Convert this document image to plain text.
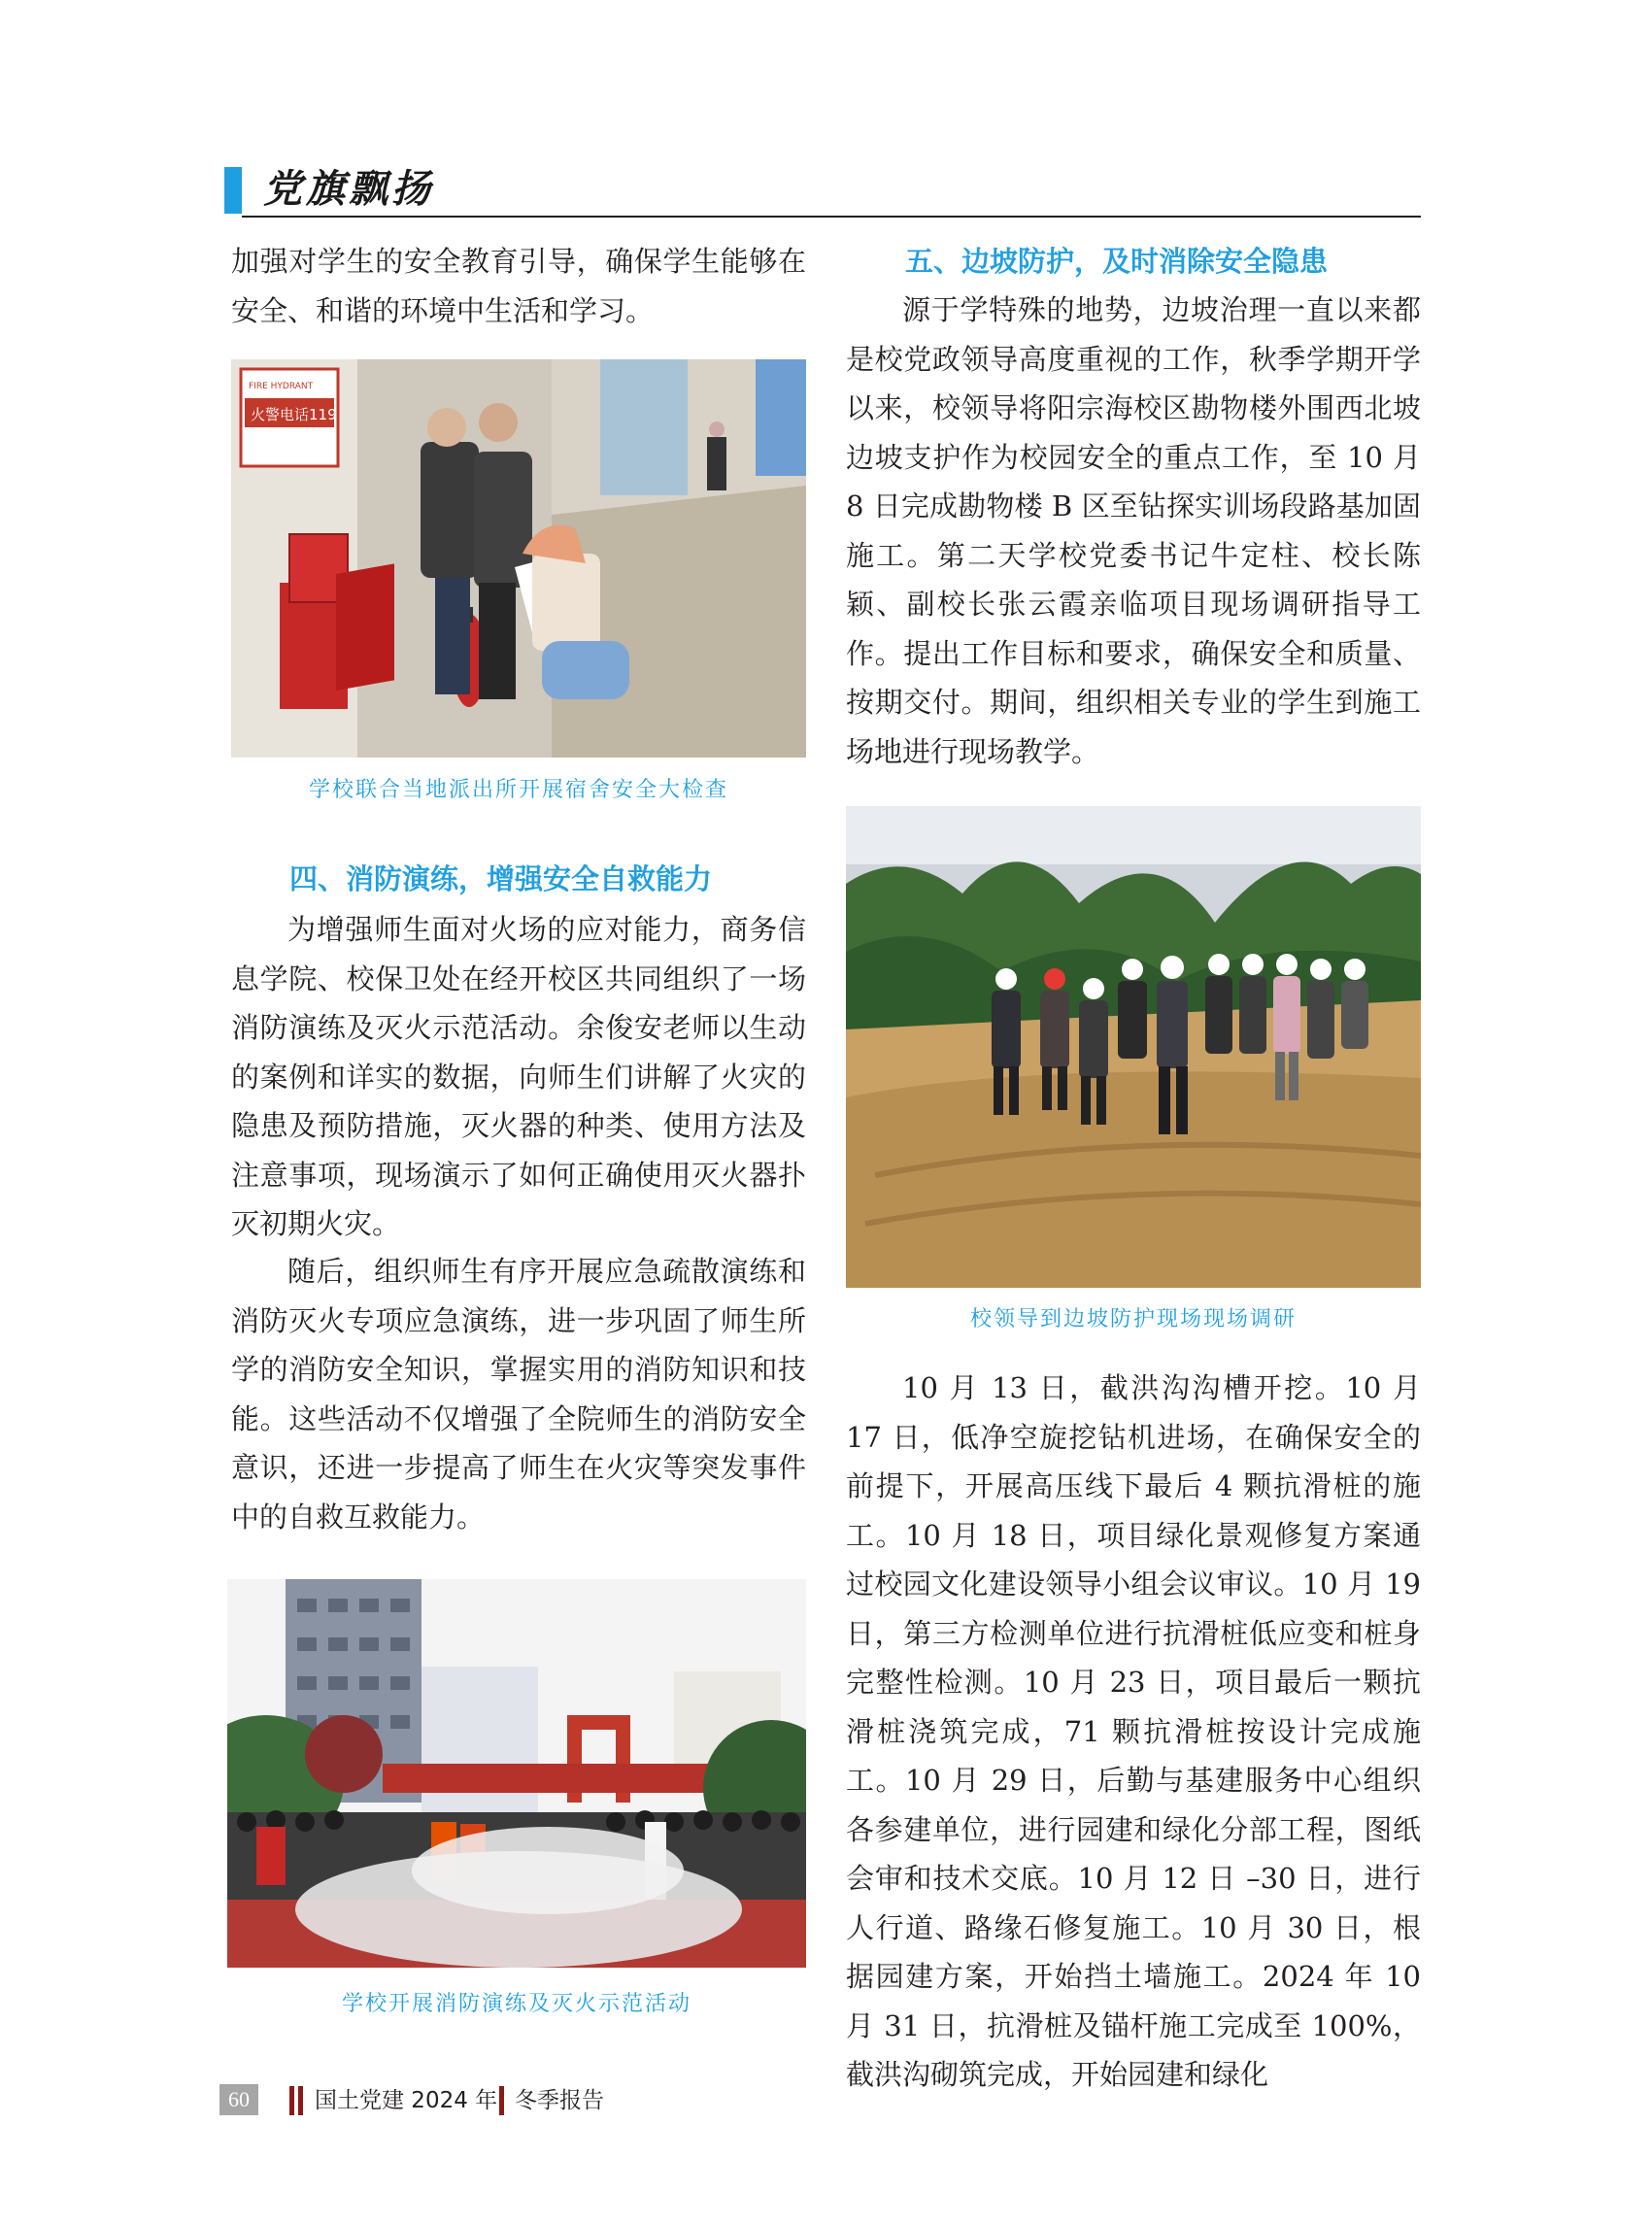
党旗飘扬

加强对学生的安全教育引导，确保学生能够在安全、和谐的环境中生活和学习。

FIRE HYDRANT
火警电话119

学校联合当地派出所开展宿舍安全大检查

四、消防演练，增强安全自救能力

为增强师生面对火场的应对能力，商务信息学院、校保卫处在经开校区共同组织了一场消防演练及灭火示范活动。余俊安老师以生动的案例和详实的数据，向师生们讲解了火灾的隐患及预防措施，灭火器的种类、使用方法及注意事项，现场演示了如何正确使用灭火器扑灭初期火灾。

随后，组织师生有序开展应急疏散演练和消防灭火专项应急演练，进一步巩固了师生所学的消防安全知识，掌握实用的消防知识和技能。这些活动不仅增强了全院师生的消防安全意识，还进一步提高了师生在火灾等突发事件中的自救互救能力。

学校开展消防演练及灭火示范活动

五、边坡防护，及时消除安全隐患

源于学特殊的地势，边坡治理一直以来都是校党政领导高度重视的工作，秋季学期开学以来，校领导将阳宗海校区勘物楼外围西北坡边坡支护作为校园安全的重点工作，至 10 月 8 日完成勘物楼 B 区至钻探实训场段路基加固施工。第二天学校党委书记牛定柱、校长陈颖、副校长张云霞亲临项目现场调研指导工作。提出工作目标和要求，确保安全和质量、按期交付。期间，组织相关专业的学生到施工场地进行现场教学。

校领导到边坡防护现场现场调研

10 月 13 日，截洪沟沟槽开挖。10 月 17 日，低净空旋挖钻机进场，在确保安全的前提下，开展高压线下最后 4 颗抗滑桩的施工。10 月 18 日，项目绿化景观修复方案通过校园文化建设领导小组会议审议。10 月 19 日，第三方检测单位进行抗滑桩低应变和桩身完整性检测。10 月 23 日，项目最后一颗抗滑桩浇筑完成，71 颗抗滑桩按设计完成施工。10 月 29 日，后勤与基建服务中心组织各参建单位，进行园建和绿化分部工程，图纸会审和技术交底。10 月 12 日 –30 日，进行人行道、路缘石修复施工。10 月 30 日，根据园建方案，开始挡土墙施工。2024 年 10 月 31 日，抗滑桩及锚杆施工完成至 100%，截洪沟砌筑完成，开始园建和绿化

60	国土党建 2024 年 冬季报告
